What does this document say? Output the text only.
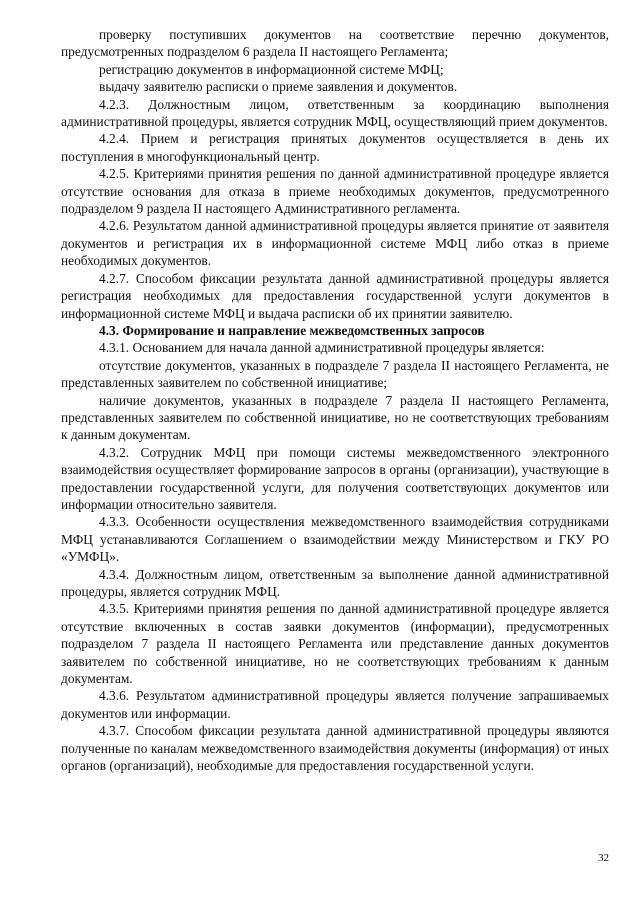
проверку поступивших документов на соответствие перечню документов, предусмотренных подразделом 6 раздела II настоящего Регламента;

регистрацию документов в информационной системе МФЦ;

выдачу заявителю расписки о приеме заявления и документов.

4.2.3. Должностным лицом, ответственным за координацию выполнения административной процедуры, является сотрудник МФЦ, осуществляющий прием документов.

4.2.4. Прием и регистрация принятых документов осуществляется в день их поступления в многофункциональный центр.

4.2.5. Критериями принятия решения по данной административной процедуре является отсутствие основания для отказа в приеме необходимых документов, предусмотренного подразделом 9 раздела II настоящего Административного регламента.

4.2.6. Результатом данной административной процедуры является принятие от заявителя документов и регистрация их в информационной системе МФЦ либо отказ в приеме необходимых документов.

4.2.7. Способом фиксации результата данной административной процедуры является регистрация необходимых для предоставления государственной услуги документов в информационной системе МФЦ и выдача расписки об их принятии заявителю.

4.3. Формирование и направление межведомственных запросов

4.3.1. Основанием для начала данной административной процедуры является:

отсутствие документов, указанных в подразделе 7 раздела II настоящего Регламента, не представленных заявителем по собственной инициативе;

наличие документов, указанных в подразделе 7 раздела II настоящего Регламента, представленных заявителем по собственной инициативе, но не соответствующих требованиям к данным документам.

4.3.2. Сотрудник МФЦ при помощи системы межведомственного электронного взаимодействия осуществляет формирование запросов в органы (организации), участвующие в предоставлении государственной услуги, для получения соответствующих документов или информации относительно заявителя.

4.3.3. Особенности осуществления межведомственного взаимодействия сотрудниками МФЦ устанавливаются Соглашением о взаимодействии между Министерством и ГКУ РО «УМФЦ».

4.3.4. Должностным лицом, ответственным за выполнение данной административной процедуры, является сотрудник МФЦ.

4.3.5. Критериями принятия решения по данной административной процедуре является отсутствие включенных в состав заявки документов (информации), предусмотренных подразделом 7 раздела II настоящего Регламента или представление данных документов заявителем по собственной инициативе, но не соответствующих требованиям к данным документам.

4.3.6. Результатом административной процедуры является получение запрашиваемых документов или информации.

4.3.7. Способом фиксации результата данной административной процедуры являются полученные по каналам межведомственного взаимодействия документы (информация) от иных органов (организаций), необходимые для предоставления государственной услуги.

32
